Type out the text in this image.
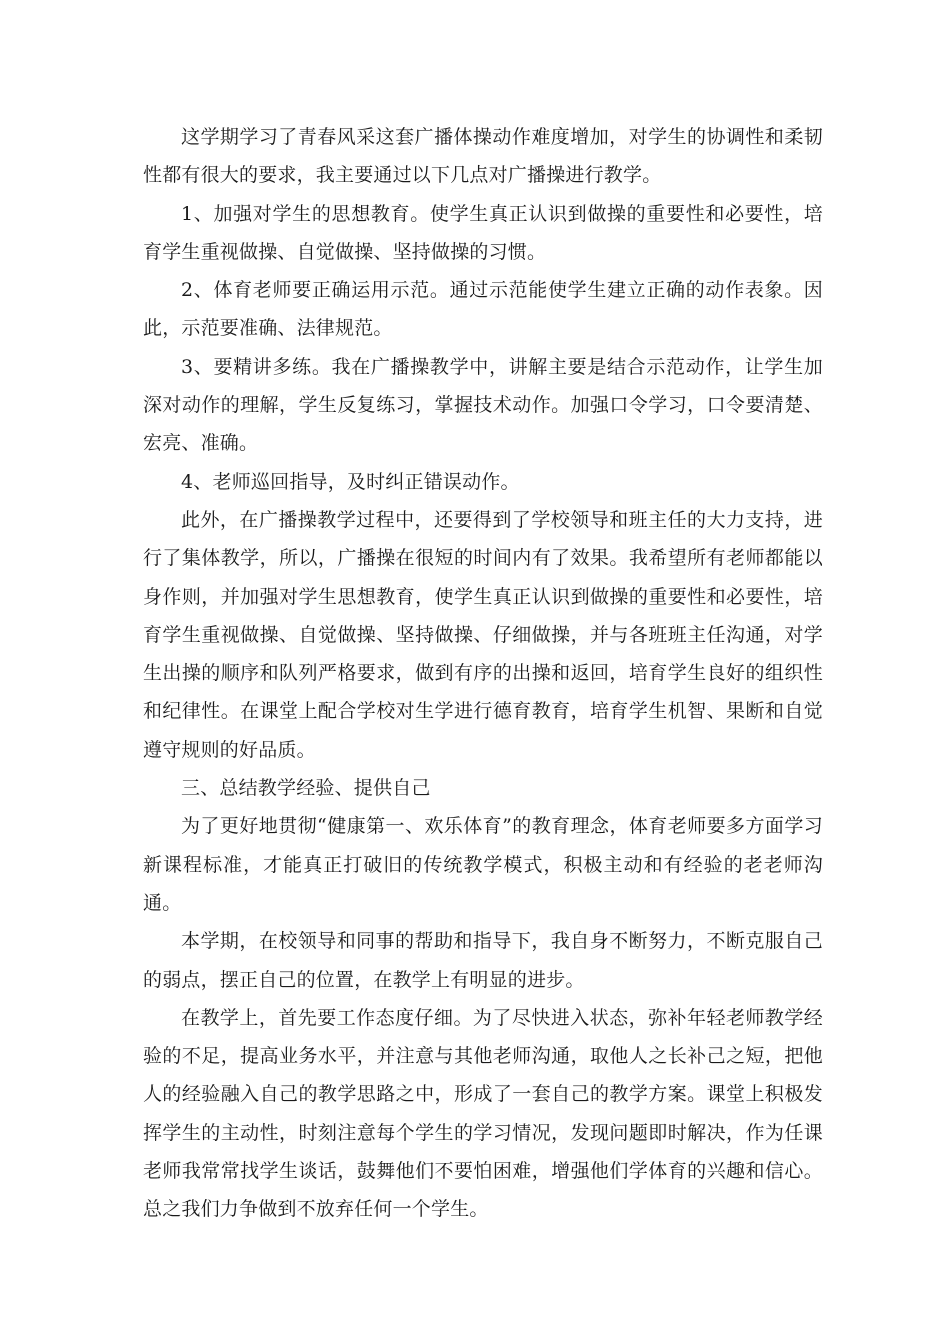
这学期学习了青春风采这套广播体操动作难度增加，对学生的协调性和柔韧性都有很大的要求，我主要通过以下几点对广播操进行教学。

1、加强对学生的思想教育。使学生真正认识到做操的重要性和必要性，培育学生重视做操、自觉做操、坚持做操的习惯。

2、体育老师要正确运用示范。通过示范能使学生建立正确的动作表象。因此，示范要准确、法律规范。

3、要精讲多练。我在广播操教学中，讲解主要是结合示范动作，让学生加深对动作的理解，学生反复练习，掌握技术动作。加强口令学习，口令要清楚、宏亮、准确。

4、老师巡回指导，及时纠正错误动作。

此外，在广播操教学过程中，还要得到了学校领导和班主任的大力支持，进行了集体教学，所以，广播操在很短的时间内有了效果。我希望所有老师都能以身作则，并加强对学生思想教育，使学生真正认识到做操的重要性和必要性，培育学生重视做操、自觉做操、坚持做操、仔细做操，并与各班班主任沟通，对学生出操的顺序和队列严格要求，做到有序的出操和返回，培育学生良好的组织性和纪律性。在课堂上配合学校对生学进行德育教育，培育学生机智、果断和自觉遵守规则的好品质。

三、总结教学经验、提供自己

为了更好地贯彻“健康第一、欢乐体育”的教育理念，体育老师要多方面学习新课程标准，才能真正打破旧的传统教学模式，积极主动和有经验的老老师沟通。

本学期，在校领导和同事的帮助和指导下，我自身不断努力，不断克服自己的弱点，摆正自己的位置，在教学上有明显的进步。

在教学上，首先要工作态度仔细。为了尽快进入状态，弥补年轻老师教学经验的不足，提高业务水平，并注意与其他老师沟通，取他人之长补己之短，把他人的经验融入自己的教学思路之中，形成了一套自己的教学方案。课堂上积极发挥学生的主动性，时刻注意每个学生的学习情况，发现问题即时解决，作为任课老师我常常找学生谈话，鼓舞他们不要怕困难，增强他们学体育的兴趣和信心。总之我们力争做到不放弃任何一个学生。
